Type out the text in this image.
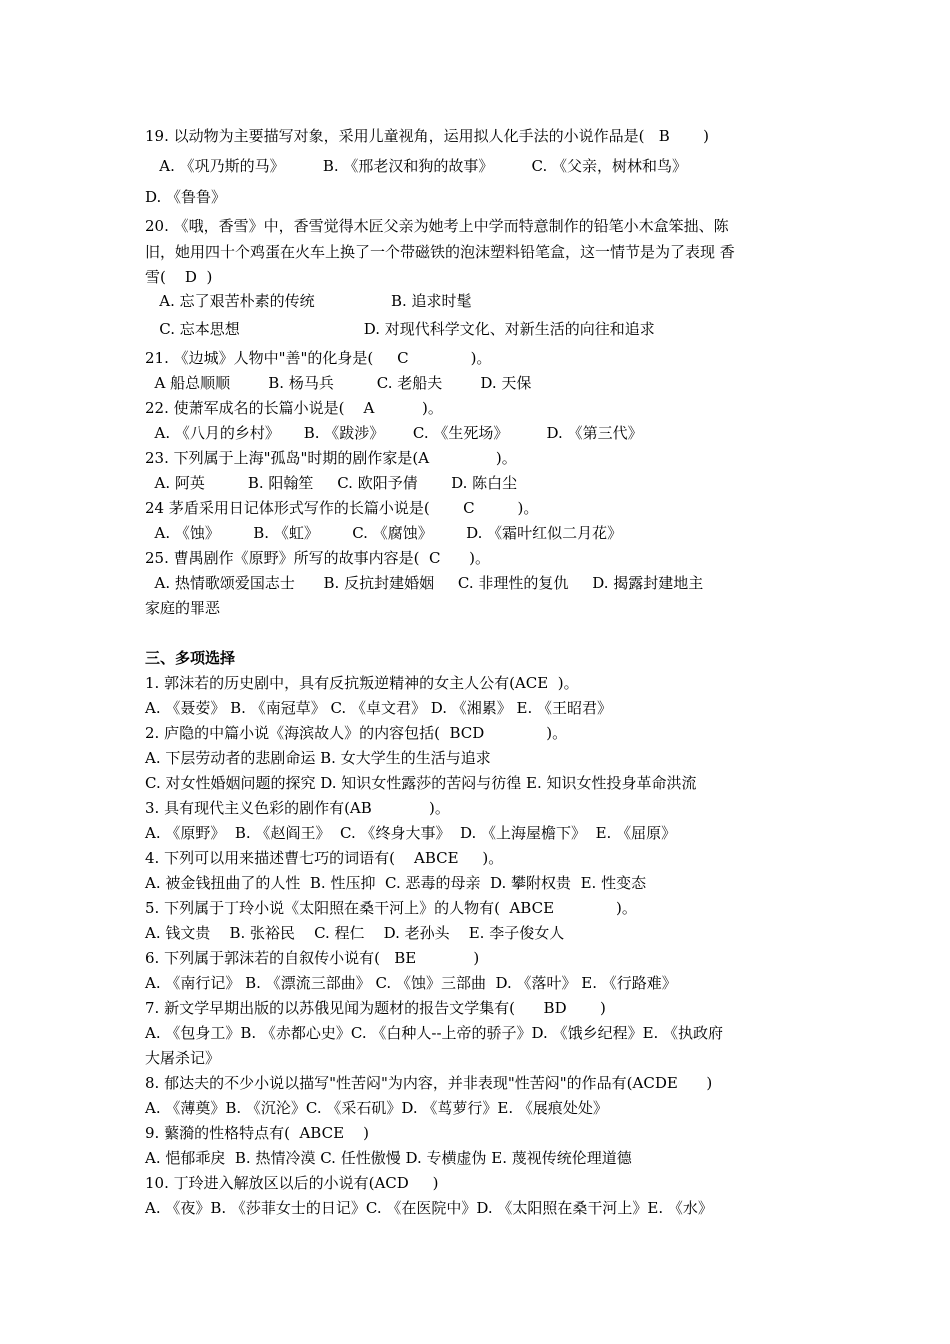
19. 以动物为主要描写对象，采用儿童视角，运用拟人化手法的小说作品是(   B       )
A. 《巩乃斯的马》        B. 《邢老汉和狗的故事》        C. 《父亲，树林和鸟》
D. 《鲁鲁》
20. 《哦，香雪》中，香雪觉得木匠父亲为她考上中学而特意制作的铅笔小木盒笨拙、陈
旧，她用四十个鸡蛋在火车上换了一个带磁铁的泡沫塑料铅笔盒，这一情节是为了表现 香
雪(    D  )
A. 忘了艰苦朴素的传统                B. 追求时髦
C. 忘本思想                          D. 对现代科学文化、对新生活的向往和追求
21. 《边城》人物中"善"的化身是(     C             )。
A 船总顺顺        B. 杨马兵         C. 老船夫        D. 天保
22. 使萧军成名的长篇小说是(    A          )。
A. 《八月的乡村》     B. 《跋涉》      C. 《生死场》        D. 《第三代》
23. 下列属于上海"孤岛"时期的剧作家是(A              )。
A. 阿英         B. 阳翰笙     C. 欧阳予倩       D. 陈白尘
24 茅盾采用日记体形式写作的长篇小说是(       C         )。
A. 《蚀》       B. 《虹》       C. 《腐蚀》       D. 《霜叶红似二月花》
25. 曹禺剧作《原野》所写的故事内容是(  C      )。
A. 热情歌颂爱国志士      B. 反抗封建婚姻     C. 非理性的复仇     D. 揭露封建地主
家庭的罪恶
三、多项选择
1. 郭沫若的历史剧中，具有反抗叛逆精神的女主人公有(ACE  )。
A. 《聂荌》 B. 《南冠草》 C. 《卓文君》 D. 《湘累》 E. 《王昭君》
2. 庐隐的中篇小说《海滨故人》的内容包括(  BCD             )。
A. 下层劳动者的悲剧命运 B. 女大学生的生活与追求
C. 对女性婚姻问题的探究 D. 知识女性露莎的苦闷与彷徨 E. 知识女性投身革命洪流
3. 具有现代主义色彩的剧作有(AB            )。
A. 《原野》  B. 《赵阎王》  C. 《终身大事》  D. 《上海屋檐下》  E. 《屈原》
4. 下列可以用来描述曹七巧的词语有(    ABCE     )。
A. 被金钱扭曲了的人性  B. 性压抑  C. 恶毒的母亲  D. 攀附权贵  E. 性变态
5. 下列属于丁玲小说《太阳照在桑干河上》的人物有(  ABCE             )。
A. 钱文贵    B. 张裕民    C. 程仁    D. 老孙头    E. 李子俊女人
6. 下列属于郭沫若的自叙传小说有(   BE            )
A. 《南行记》 B. 《漂流三部曲》 C. 《蚀》三部曲  D. 《落叶》 E. 《行路难》
7. 新文学早期出版的以苏俄见闻为题材的报告文学集有(      BD       )
A. 《包身工》B. 《赤都心史》C. 《白种人--上帝的骄子》D. 《饿乡纪程》E. 《执政府
大屠杀记》
8. 郁达夫的不少小说以描写"性苦闷"为内容，并非表现"性苦闷"的作品有(ACDE      )
A. 《薄奠》B. 《沉沦》C. 《采石矶》D. 《茑萝行》E. 《展痕处处》
9. 蘩漪的性格特点有(  ABCE    )
A. 悒郁乖戾  B. 热情冷漠 C. 任性傲慢 D. 专横虚伪 E. 蔑视传统伦理道德
10. 丁玲进入解放区以后的小说有(ACD     )
A. 《夜》B. 《莎菲女士的日记》C. 《在医院中》D. 《太阳照在桑干河上》E. 《水》
